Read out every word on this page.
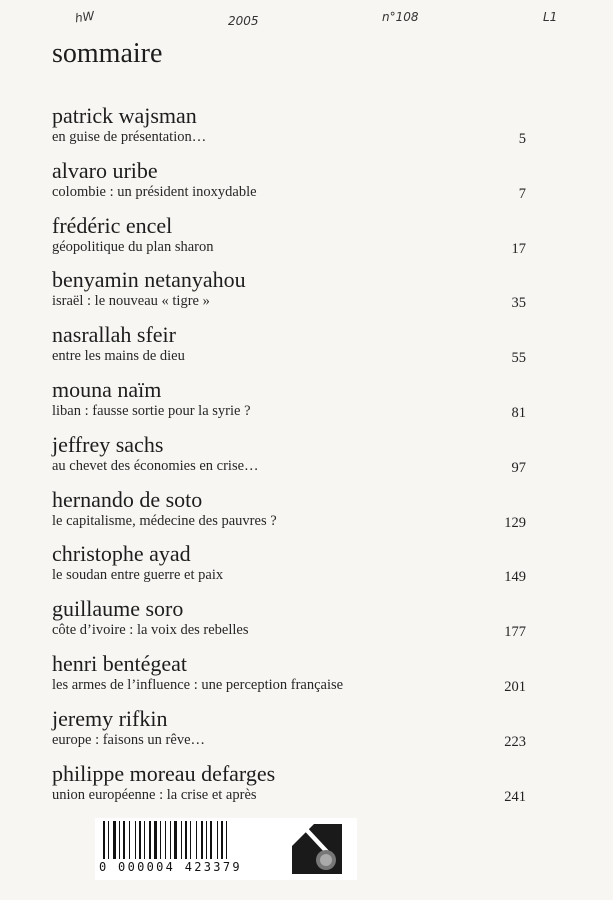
hW	2005	n°108	L1
sommaire
patrick wajsman
en guise de présentation…	5
alvaro uribe
colombie : un président inoxydable	7
frédéric encel
géopolitique du plan sharon	17
benyamin netanyahou
israël : le nouveau « tigre »	35
nasrallah sfeir
entre les mains de dieu	55
mouna naïm
liban : fausse sortie pour la syrie ?	81
jeffrey sachs
au chevet des économies en crise…	97
hernando de soto
le capitalisme, médecine des pauvres ?	129
christophe ayad
le soudan entre guerre et paix	149
guillaume soro
côte d’ivoire : la voix des rebelles	177
henri bentégeat
les armes de l’influence : une perception française	201
jeremy rifkin
europe : faisons un rêve…	223
philippe moreau defarges
union européenne : la crise et après	241
0 000004 423379
